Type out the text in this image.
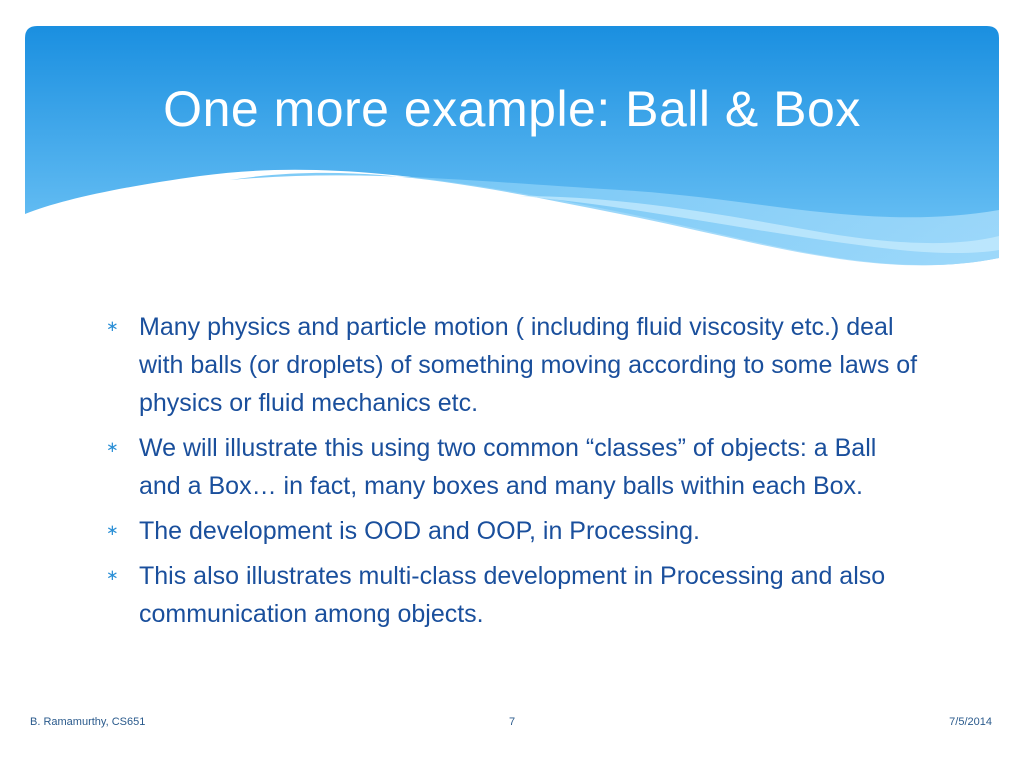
One more example: Ball & Box
∗ Many physics and particle motion ( including fluid viscosity etc.) deal with balls (or droplets) of something moving according to some laws of physics or fluid mechanics etc.
∗ We will illustrate this using two common “classes” of objects: a Ball and a Box… in fact, many boxes and many balls within each Box.
∗ The development is OOD and OOP, in Processing.
∗ This also illustrates multi-class development in Processing and also communication among objects.
B. Ramamurthy, CS651	7	7/5/2014
